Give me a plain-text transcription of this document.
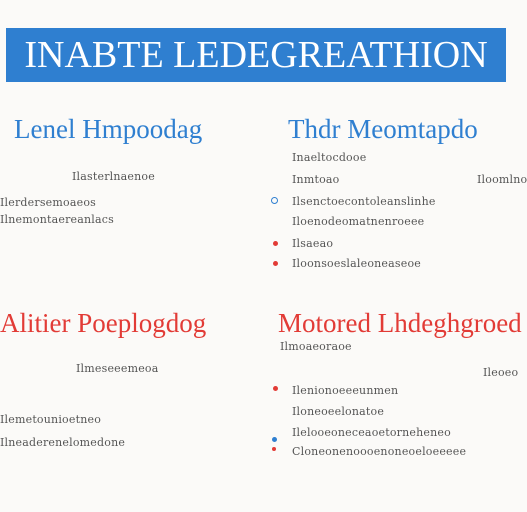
INABTE LEDEGREATHION
Lenel Hmpoodag
Ilasterlnaenoe
Ilerdersemoaeos
Ilnemontaereanlacs
Thdr Meomtapdo
Inaeltocdooe
Inmtoao	Iloomlno
Ilsenctoecontoleanslinhe
Iloenodeomatnenroeee
Ilsaeao
Iloonsoeslaleoneaseoe
Alitier Poeplogdog
Ilmeseeemeoa
Ilemetounioetneo
Ilneaderenelomedone
Motored Lhdeghgroed
Ilmoaeoraoe
Ileoeo
Ilenionoeeeunmen
Iloneoeelonatoe
Ilelooeoneceaoetorneheneo
Cloneonenoooenoneoeloeeeee
